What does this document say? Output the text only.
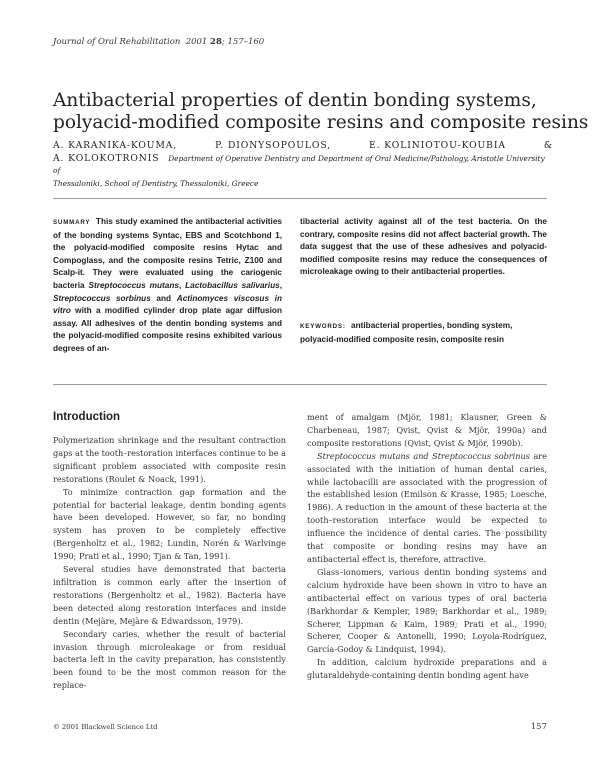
Journal of Oral Rehabilitation 2001 28; 157–160
Antibacterial properties of dentin bonding systems,
polyacid-modified composite resins and composite resins
A. KARANIKA-KOUMA,	P. DIONYSOPOULOS,	E. KOLINIOTOU-KOUBIA	&
A. KOLOKOTRONIS Department of Operative Dentistry and Department of Oral Medicine/Pathology, Aristotle University of
Thessaloniki, School of Dentistry, Thessaloniki, Greece
SUMMARY This study examined the antibacterial activities of the bonding systems Syntac, EBS and Scotchbond 1, the polyacid-modified composite resins Hytac and Compoglass, and the composite resins Tetric, Z100 and Scalp-it. They were evaluated using the cariogenic bacteria Streptococcus mutans, Lactobacillus salivarius, Streptococcus sorbinus and Actinomyces viscosus in vitro with a modified cylinder drop plate agar diffusion assay. All adhesives of the dentin bonding systems and the polyacid-modified composite resins exhibited various degrees of an-
tibacterial activity against all of the test bacteria. On the contrary, composite resins did not affect bacterial growth. The data suggest that the use of these adhesives and polyacid-modified composite resins may reduce the consequences of microleakage owing to their antibacterial properties.
KEYWORDS: antibacterial properties, bonding system, polyacid-modified composite resin, composite resin
Introduction

Polymerization shrinkage and the resultant contraction gaps at the tooth–restoration interfaces continue to be a significant problem associated with composite resin restorations (Roulet & Noack, 1991).

To minimize contraction gap formation and the potential for bacterial leakage, dentin bonding agents have been developed. However, so far, no bonding system has proven to be completely effective (Bergenholtz et al., 1982; Lundin, Norén & Warlvinge 1990; Prati et al., 1990; Tjan & Tan, 1991).

Several studies have demonstrated that bacteria infiltration is common early after the insertion of restorations (Bergenholtz et al., 1982). Bacteria have been detected along restoration interfaces and inside dentin (Mejàre, Mejàre & Edwardsson, 1979).

Secondary caries, whether the result of bacterial invasion through microleakage or from residual bacteria left in the cavity preparation, has consistently been found to be the most common reason for the replace-

ment of amalgam (Mjör, 1981; Klausner, Green & Charbeneau, 1987; Qvist, Qvist & Mjör, 1990a) and composite restorations (Qvist, Qvist & Mjör, 1990b).

Streptococcus mutans and Streptococcus sobrinus are associated with the initiation of human dental caries, while lactobacilli are associated with the progression of the established lesion (Emilson & Krasse, 1985; Loesche, 1986). A reduction in the amount of these bacteria at the tooth–restoration interface would be expected to influence the incidence of dental caries. The possibility that composite or bonding resins may have an antibacterial effect is, therefore, attractive.

Glass–ionomers, various dentin bonding systems and calcium hydroxide have been shown in vitro to have an antibacterial effect on various types of oral bacteria (Barkhordar & Kempler, 1989; Barkhordar et al., 1989; Scherer, Lippman & Kaim, 1989; Prati et al., 1990; Scherer, Cooper & Antonelli, 1990; Loyola-Rodríguez, García-Godoy & Lindquist, 1994).

In addition, calcium hydroxide preparations and a glutaraldehyde-containing dentin bonding agent have

© 2001 Blackwell Science Ltd	157
